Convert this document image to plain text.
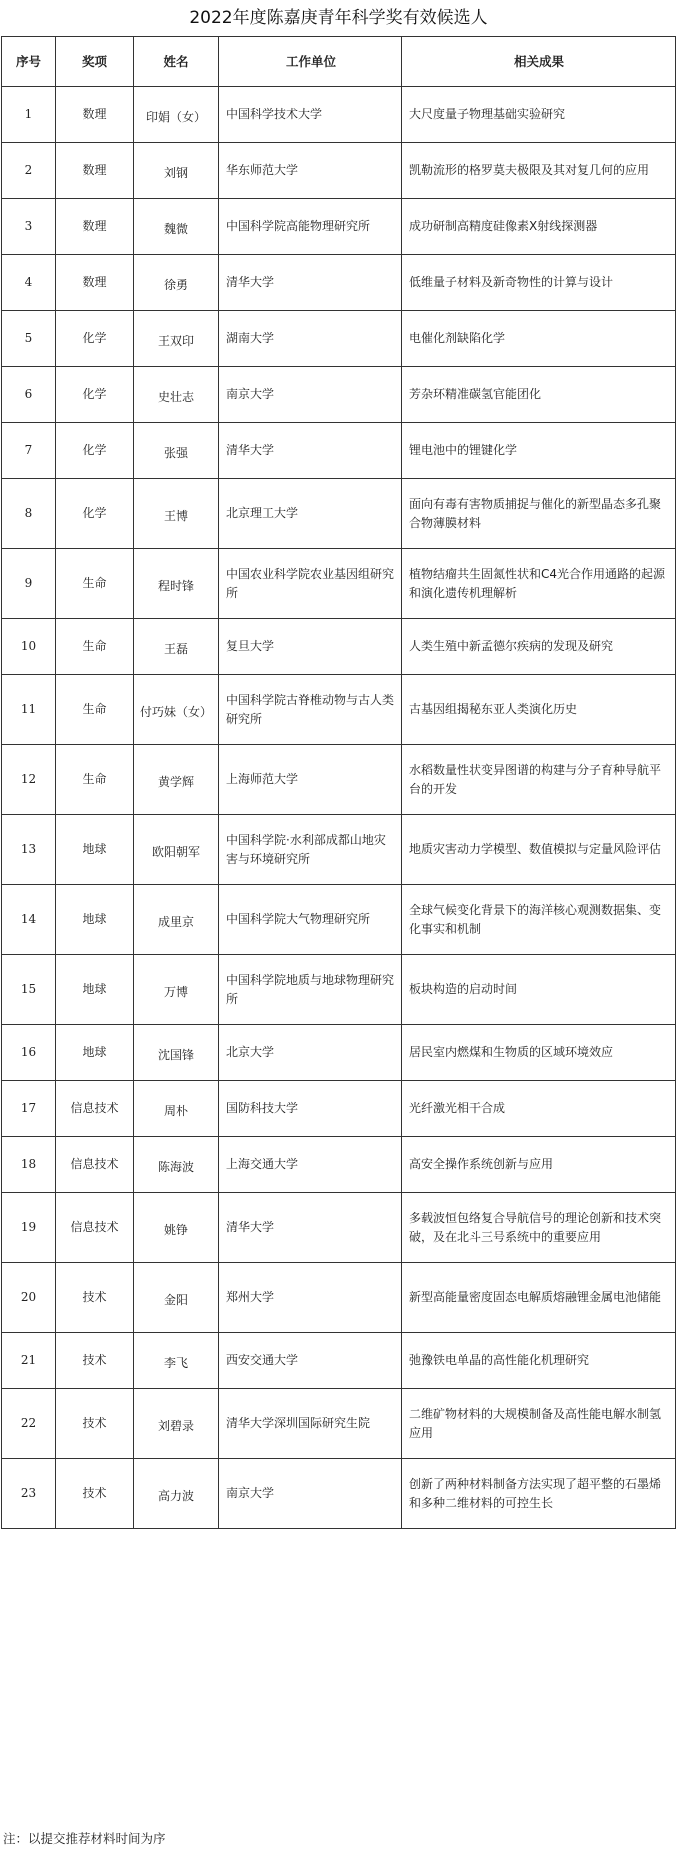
2022年度陈嘉庚青年科学奖有效候选人
序号	奖项	姓名	工作单位	相关成果
1	数理	印娟（女）	中国科学技术大学	大尺度量子物理基础实验研究
2	数理	刘钢	华东师范大学	凯勒流形的格罗莫夫极限及其对复几何的应用
3	数理	魏微	中国科学院高能物理研究所	成功研制高精度硅像素X射线探测器
4	数理	徐勇	清华大学	低维量子材料及新奇物性的计算与设计
5	化学	王双印	湖南大学	电催化剂缺陷化学
6	化学	史壮志	南京大学	芳杂环精准碳氢官能团化
7	化学	张强	清华大学	锂电池中的锂键化学
8	化学	王博	北京理工大学	面向有毒有害物质捕捉与催化的新型晶态多孔聚合物薄膜材料
9	生命	程时锋	中国农业科学院农业基因组研究所	植物结瘤共生固氮性状和C4光合作用通路的起源和演化遗传机理解析
10	生命	王磊	复旦大学	人类生殖中新孟德尔疾病的发现及研究
11	生命	付巧妹（女）	中国科学院古脊椎动物与古人类研究所	古基因组揭秘东亚人类演化历史
12	生命	黄学辉	上海师范大学	水稻数量性状变异图谱的构建与分子育种导航平台的开发
13	地球	欧阳朝军	中国科学院·水利部成都山地灾害与环境研究所	地质灾害动力学模型、数值模拟与定量风险评估
14	地球	成里京	中国科学院大气物理研究所	全球气候变化背景下的海洋核心观测数据集、变化事实和机制
15	地球	万博	中国科学院地质与地球物理研究所	板块构造的启动时间
16	地球	沈国锋	北京大学	居民室内燃煤和生物质的区域环境效应
17	信息技术	周朴	国防科技大学	光纤激光相干合成
18	信息技术	陈海波	上海交通大学	高安全操作系统创新与应用
19	信息技术	姚铮	清华大学	多载波恒包络复合导航信号的理论创新和技术突破，及在北斗三号系统中的重要应用
20	技术	金阳	郑州大学	新型高能量密度固态电解质熔融锂金属电池储能
21	技术	李飞	西安交通大学	弛豫铁电单晶的高性能化机理研究
22	技术	刘碧录	清华大学深圳国际研究生院	二维矿物材料的大规模制备及高性能电解水制氢应用
23	技术	高力波	南京大学	创新了两种材料制备方法实现了超平整的石墨烯和多种二维材料的可控生长
注：以提交推荐材料时间为序
